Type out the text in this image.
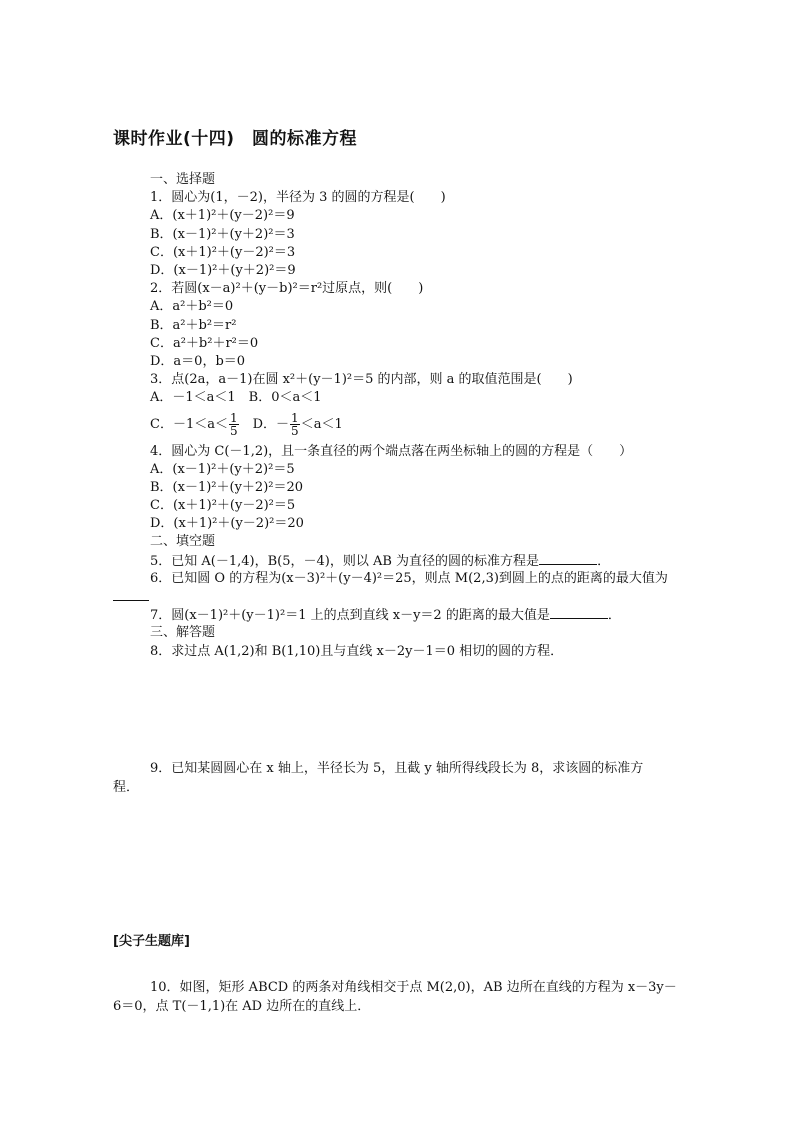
课时作业(十四)　圆的标准方程
一、选择题
1．圆心为(1，－2)，半径为 3 的圆的方程是(　　)
A．(x＋1)²＋(y－2)²＝9
B．(x－1)²＋(y＋2)²＝3
C．(x＋1)²＋(y－2)²＝3
D．(x－1)²＋(y＋2)²＝9
2．若圆(x－a)²＋(y－b)²＝r²过原点，则(　　)
A．a²＋b²＝0
B．a²＋b²＝r²
C．a²＋b²＋r²＝0
D．a＝0，b＝0
3．点(2a，a－1)在圆 x²＋(y－1)²＝5 的内部，则 a 的取值范围是(　　)
A．－1＜a＜1　B．0＜a＜1
C．$-1<a< \frac{1}{5}$ 　D．－ $\frac{1}{5} <a<1$
4．圆心为 C(－1,2)，且一条直径的两个端点落在两坐标轴上的圆的方程是（　　）
A．(x－1)²＋(y＋2)²＝5
B．(x－1)²＋(y＋2)²＝20
C．(x＋1)²＋(y－2)²＝5
D．(x＋1)²＋(y－2)²＝20
二、填空题
5．已知 A(－1,4)，B(5，－4)，则以 AB 为直径的圆的标准方程是	．
6．已知圆 O 的方程为(x－3)²＋(y－4)²＝25，则点 M(2,3)到圆上的点的距离的最大值为
7．圆(x－1)²＋(y－1)²＝1 上的点到直线 x－y＝2 的距离的最大值是	．
三、解答题
8．求过点 A(1,2)和 B(1,10)且与直线 x－2y－1＝0 相切的圆的方程．
9．已知某圆圆心在 x 轴上，半径长为 5，且截 y 轴所得线段长为 8，求该圆的标准方
程．
[尖子生题库]
10．如图，矩形 ABCD 的两条对角线相交于点 M(2,0)，AB 边所在直线的方程为 x－3y－
6＝0，点 T(－1,1)在 AD 边所在的直线上．
